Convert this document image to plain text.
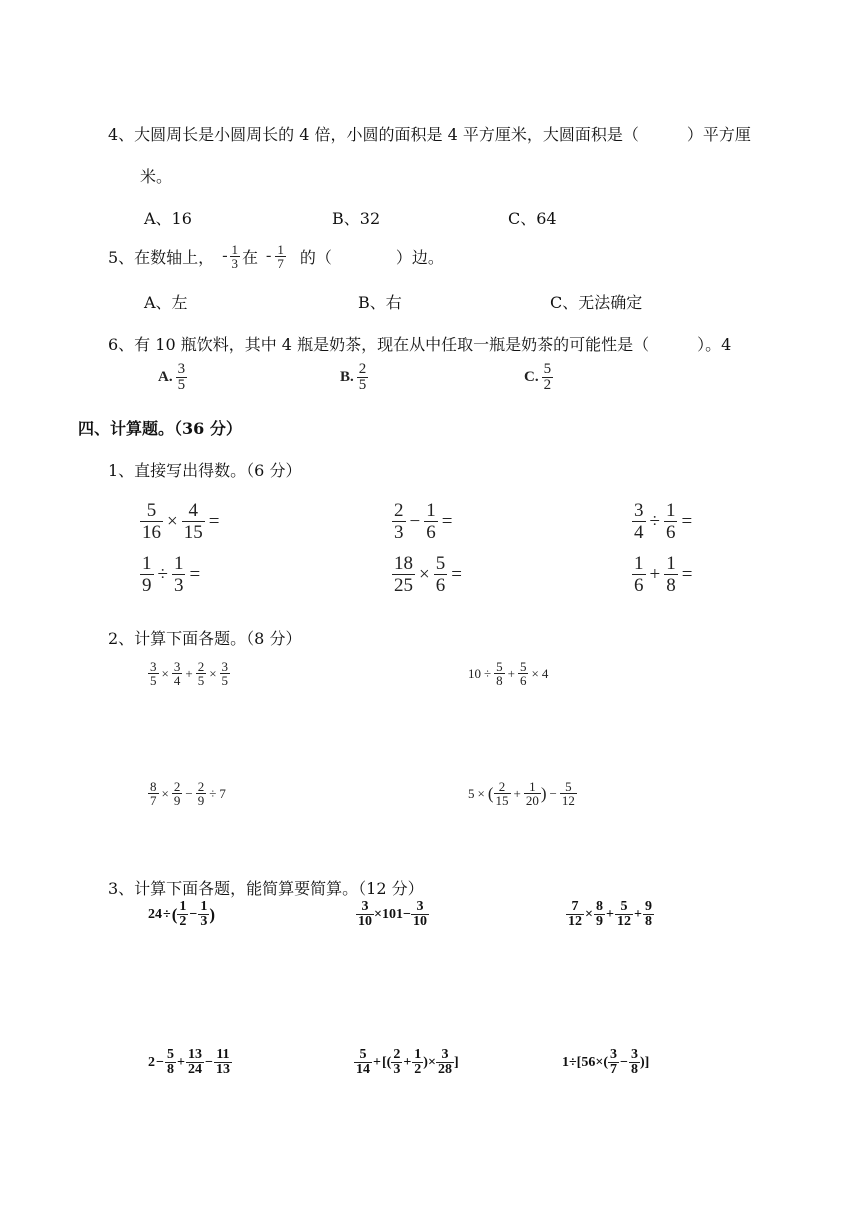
4、大圆周长是小圆周长的 4 倍，小圆的面积是 4 平方厘米，大圆面积是（　　　）平方厘
米。
A、16	B、32	C、64
5、在数轴上， - $\frac{1}{3}$ 在 - $\frac{1}{7}$ 的（　　　　）边。
A、左	B、右	C、无法确定
6、有 10 瓶饮料，其中 4 瓶是奶茶，现在从中任取一瓶是奶茶的可能性是（　　　）。4
A. $\frac{3}{5}$	B. $\frac{2}{5}$	C. $\frac{5}{2}$
四、计算题。（36 分）
1、直接写出得数。（6 分）
$\frac{5}{16} \times \frac{4}{15}$ =	$\frac{2}{3} - \frac{1}{6}$ =	$\frac{3}{4} \div \frac{1}{6}$ =
$\frac{1}{9} \div \frac{1}{3}$ =	$\frac{18}{25} \times \frac{5}{6}$ =	$\frac{1}{6} + \frac{1}{8}$ =
2、计算下面各题。（8 分）
$\frac{3}{5} \times \frac{3}{4} + \frac{2}{5} \times \frac{3}{5}$	$10 \div \frac{5}{8} + \frac{5}{6} \times 4$
$\frac{8}{7} \times \frac{2}{9} - \frac{2}{9} \div 7$	5 × ( $\frac{2}{15} + \frac{1}{20}$ ) − $\frac{5}{12}$
3、计算下面各题，能简算要简算。（12 分）
24 ÷ ( $\frac{1}{2} - \frac{1}{3}$ )	$\frac{3}{10} \times 101- \frac{3}{10}$	$\frac{7}{12} \times \frac{8}{9} + \frac{5}{12} + \frac{9}{8}$
$2 - \frac{5}{8} + \frac{13}{24} - \frac{11}{13}$	$\frac{5}{14}$ + [( $\frac{2}{3} + \frac{1}{2}$ )× $\frac{3}{28}$ ]	$1\div[56\times( \frac{3}{7} - \frac{3}{8}$ )]
